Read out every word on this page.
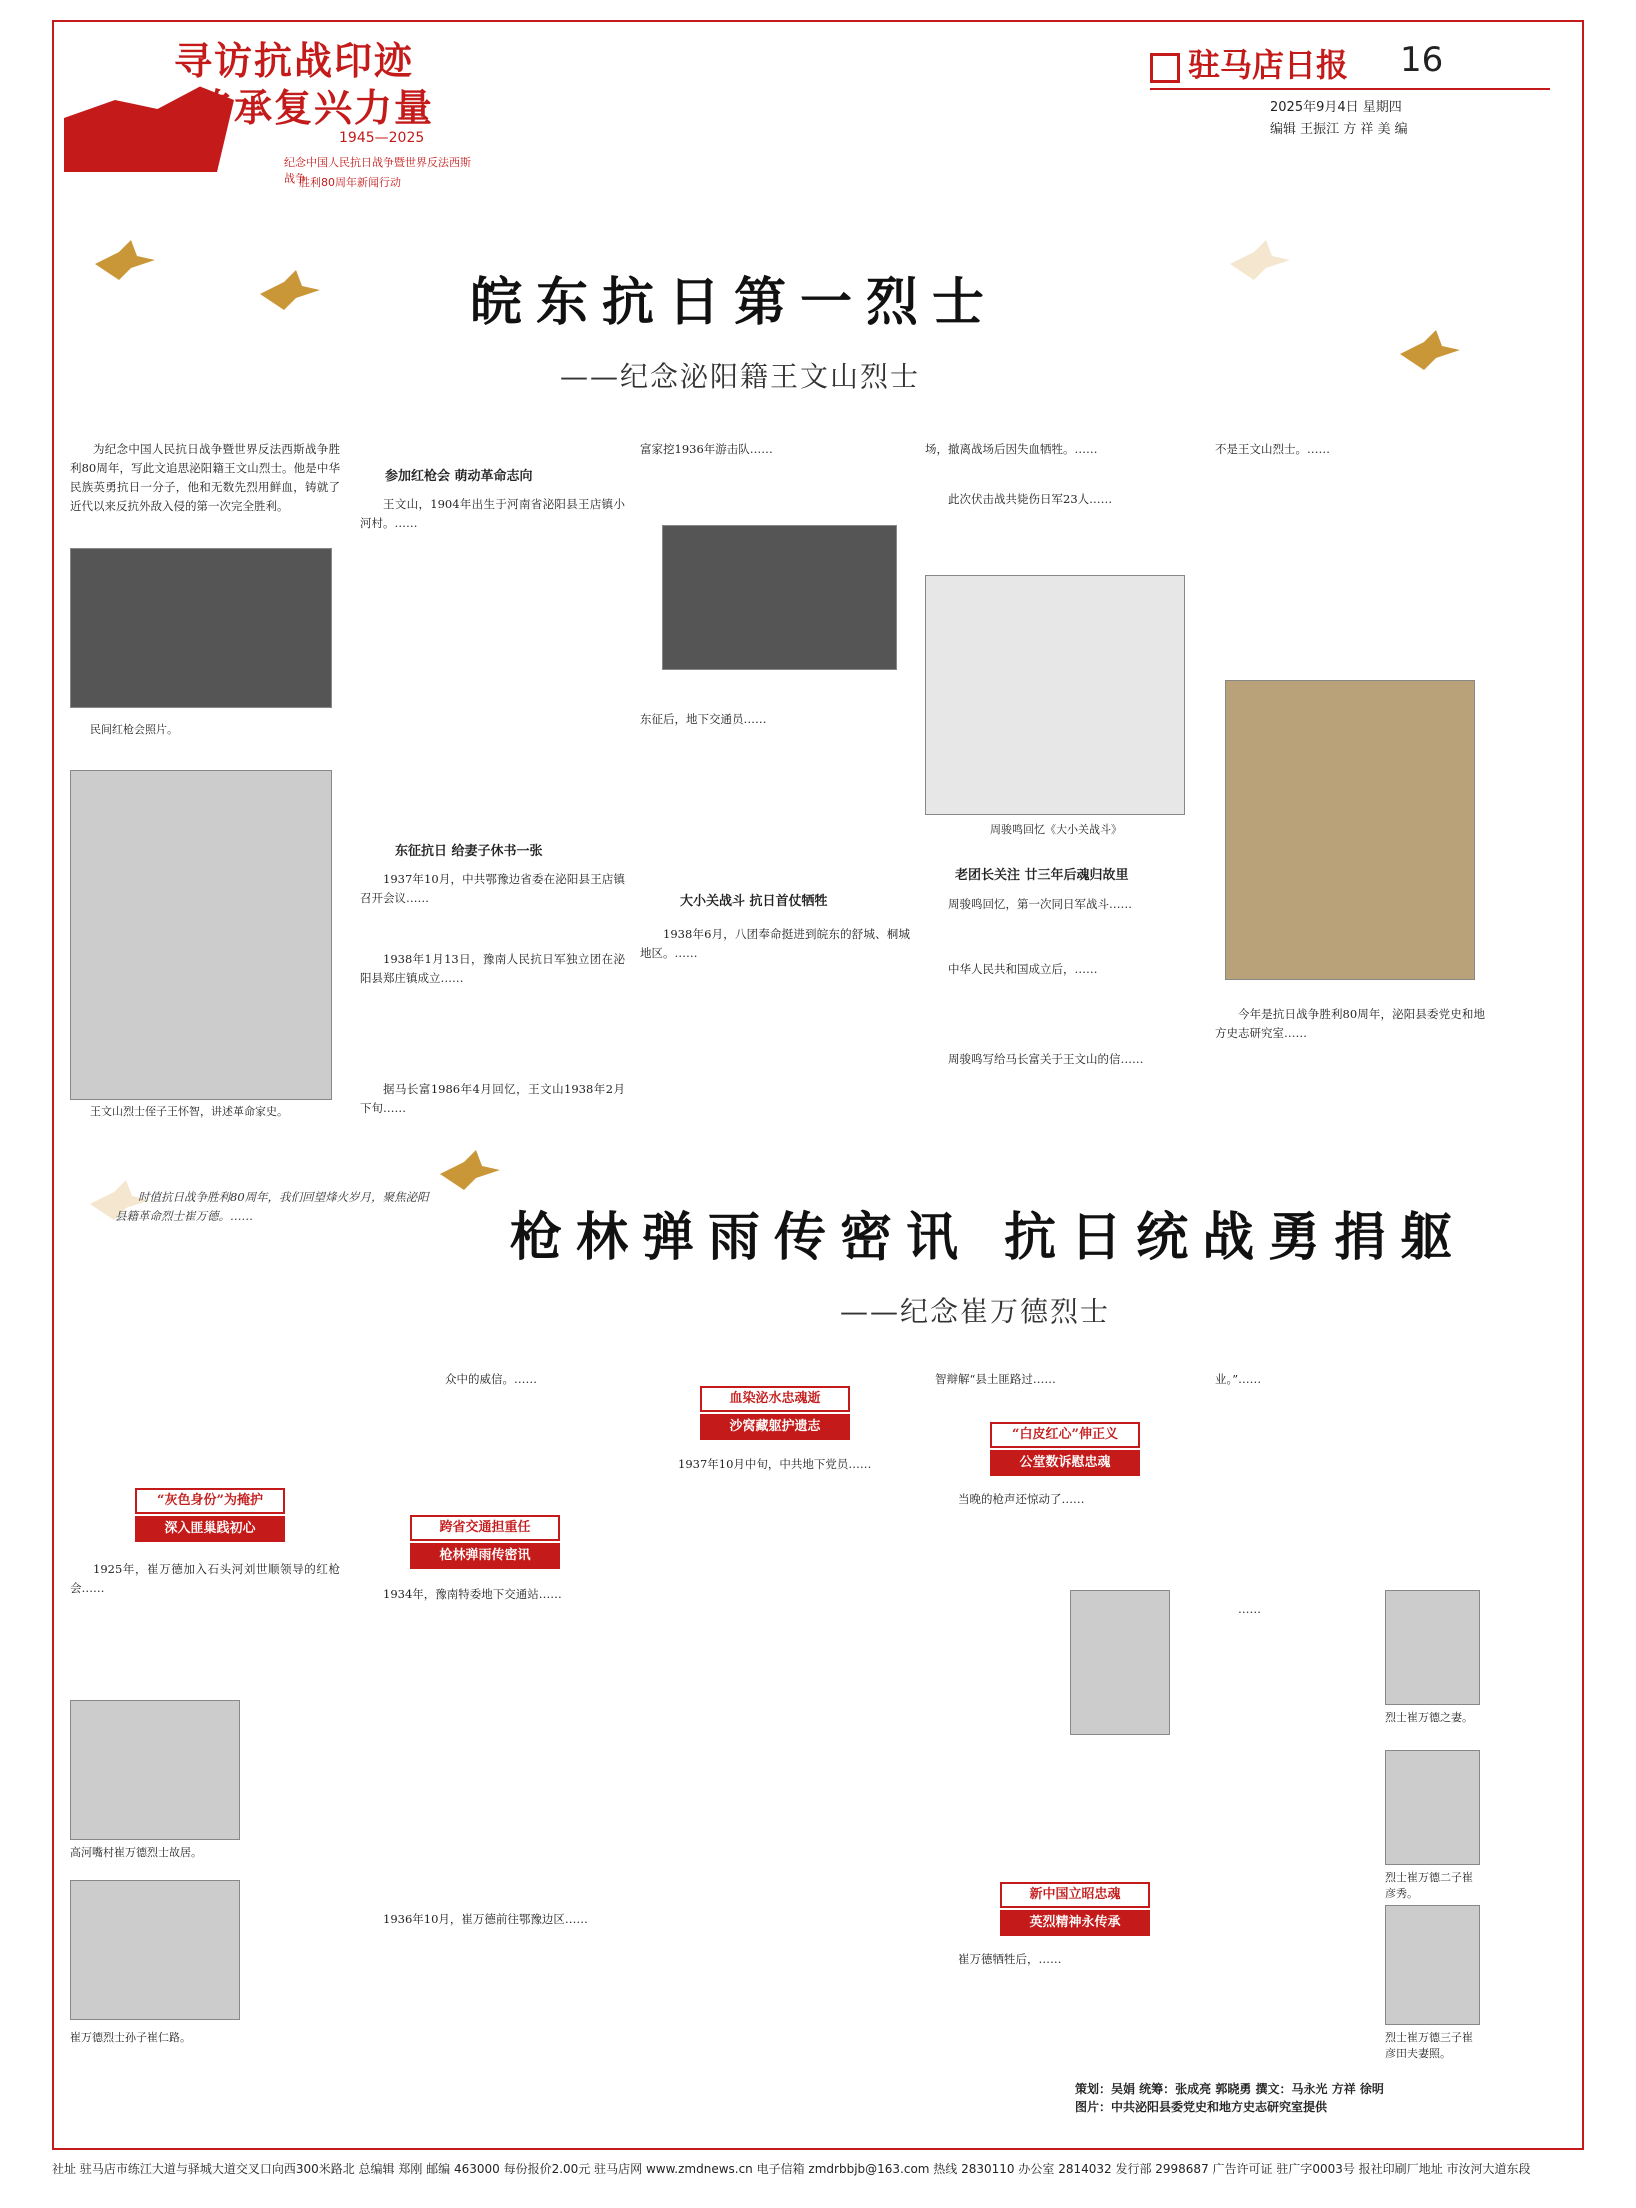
寻访抗战印迹
传承复兴力量
1945—2025
纪念中国人民抗日战争暨世界反法西斯战争
胜利80周年新闻行动
驻马店日报 16
2025年9月4日 星期四
编辑 王振江 方 祥 美 编
皖东抗日第一烈士
——纪念泌阳籍王文山烈士
为纪念中国人民抗日战争暨世界反法西斯战争胜利80周年，写此文追思泌阳籍王文山烈士。他是中华民族英勇抗日一分子，他和无数先烈用鲜血，铸就了近代以来反抗外敌入侵的第一次完全胜利。
民间红枪会照片。
王文山烈士侄子王怀智，讲述革命家史。
参加红枪会 萌动革命志向
王文山，1904年出生于河南省泌阳县王店镇小河村。……
东征抗日 给妻子休书一张
1937年10月，中共鄂豫边省委在泌阳县王店镇召开会议……
1938年1月13日，豫南人民抗日军独立团在泌阳县郑庄镇成立……
据马长富1986年4月回忆，王文山1938年2月下旬……
富家挖1936年游击队……
东征后，地下交通员……
大小关战斗 抗日首仗牺牲
1938年6月，八团奉命挺进到皖东的舒城、桐城地区。……
场，撤离战场后因失血牺牲。……
此次伏击战共毙伤日军23人……
周骏鸣回忆《大小关战斗》
老团长关注 廿三年后魂归故里
周骏鸣回忆，第一次同日军战斗……
中华人民共和国成立后，……
周骏鸣写给马长富关于王文山的信……
不是王文山烈士。……
今年是抗日战争胜利80周年，泌阳县委党史和地方史志研究室……
枪林弹雨传密讯 抗日统战勇捐躯
——纪念崔万德烈士
时值抗日战争胜利80周年，我们回望烽火岁月，聚焦泌阳县籍革命烈士崔万德。……
“灰色身份”为掩护
深入匪巢践初心
1925年，崔万德加入石头河刘世顺领导的红枪会……
高河嘴村崔万德烈士故居。
崔万德烈士孙子崔仁路。
众中的威信。……
跨省交通担重任
枪林弹雨传密讯
1934年，豫南特委地下交通站……
1936年10月，崔万德前往鄂豫边区……
血染泌水忠魂逝
沙窝藏躯护遗志
1937年10月中旬，中共地下党员……
智辩解“县土匪路过……
“白皮红心”伸正义
公堂数诉慰忠魂
当晚的枪声还惊动了……
新中国立昭忠魂
英烈精神永传承
崔万德牺牲后，……
业。”……
烈士崔万德之妻。
烈士崔万德二子崔彦秀。
烈士崔万德三子崔彦田夫妻照。
……
策划：吴娟 统筹：张成亮 郭晓勇 撰文：马永光 方祥 徐明
图片：中共泌阳县委党史和地方史志研究室提供
社址 驻马店市练江大道与驿城大道交叉口向西300米路北 总编辑 郑刚 邮编 463000 每份报价2.00元 驻马店网 www.zmdnews.cn 电子信箱 zmdrbbjb@163.com 热线 2830110 办公室 2814032 发行部 2998687 广告许可证 驻广字0003号 报社印刷厂地址 市汝河大道东段
